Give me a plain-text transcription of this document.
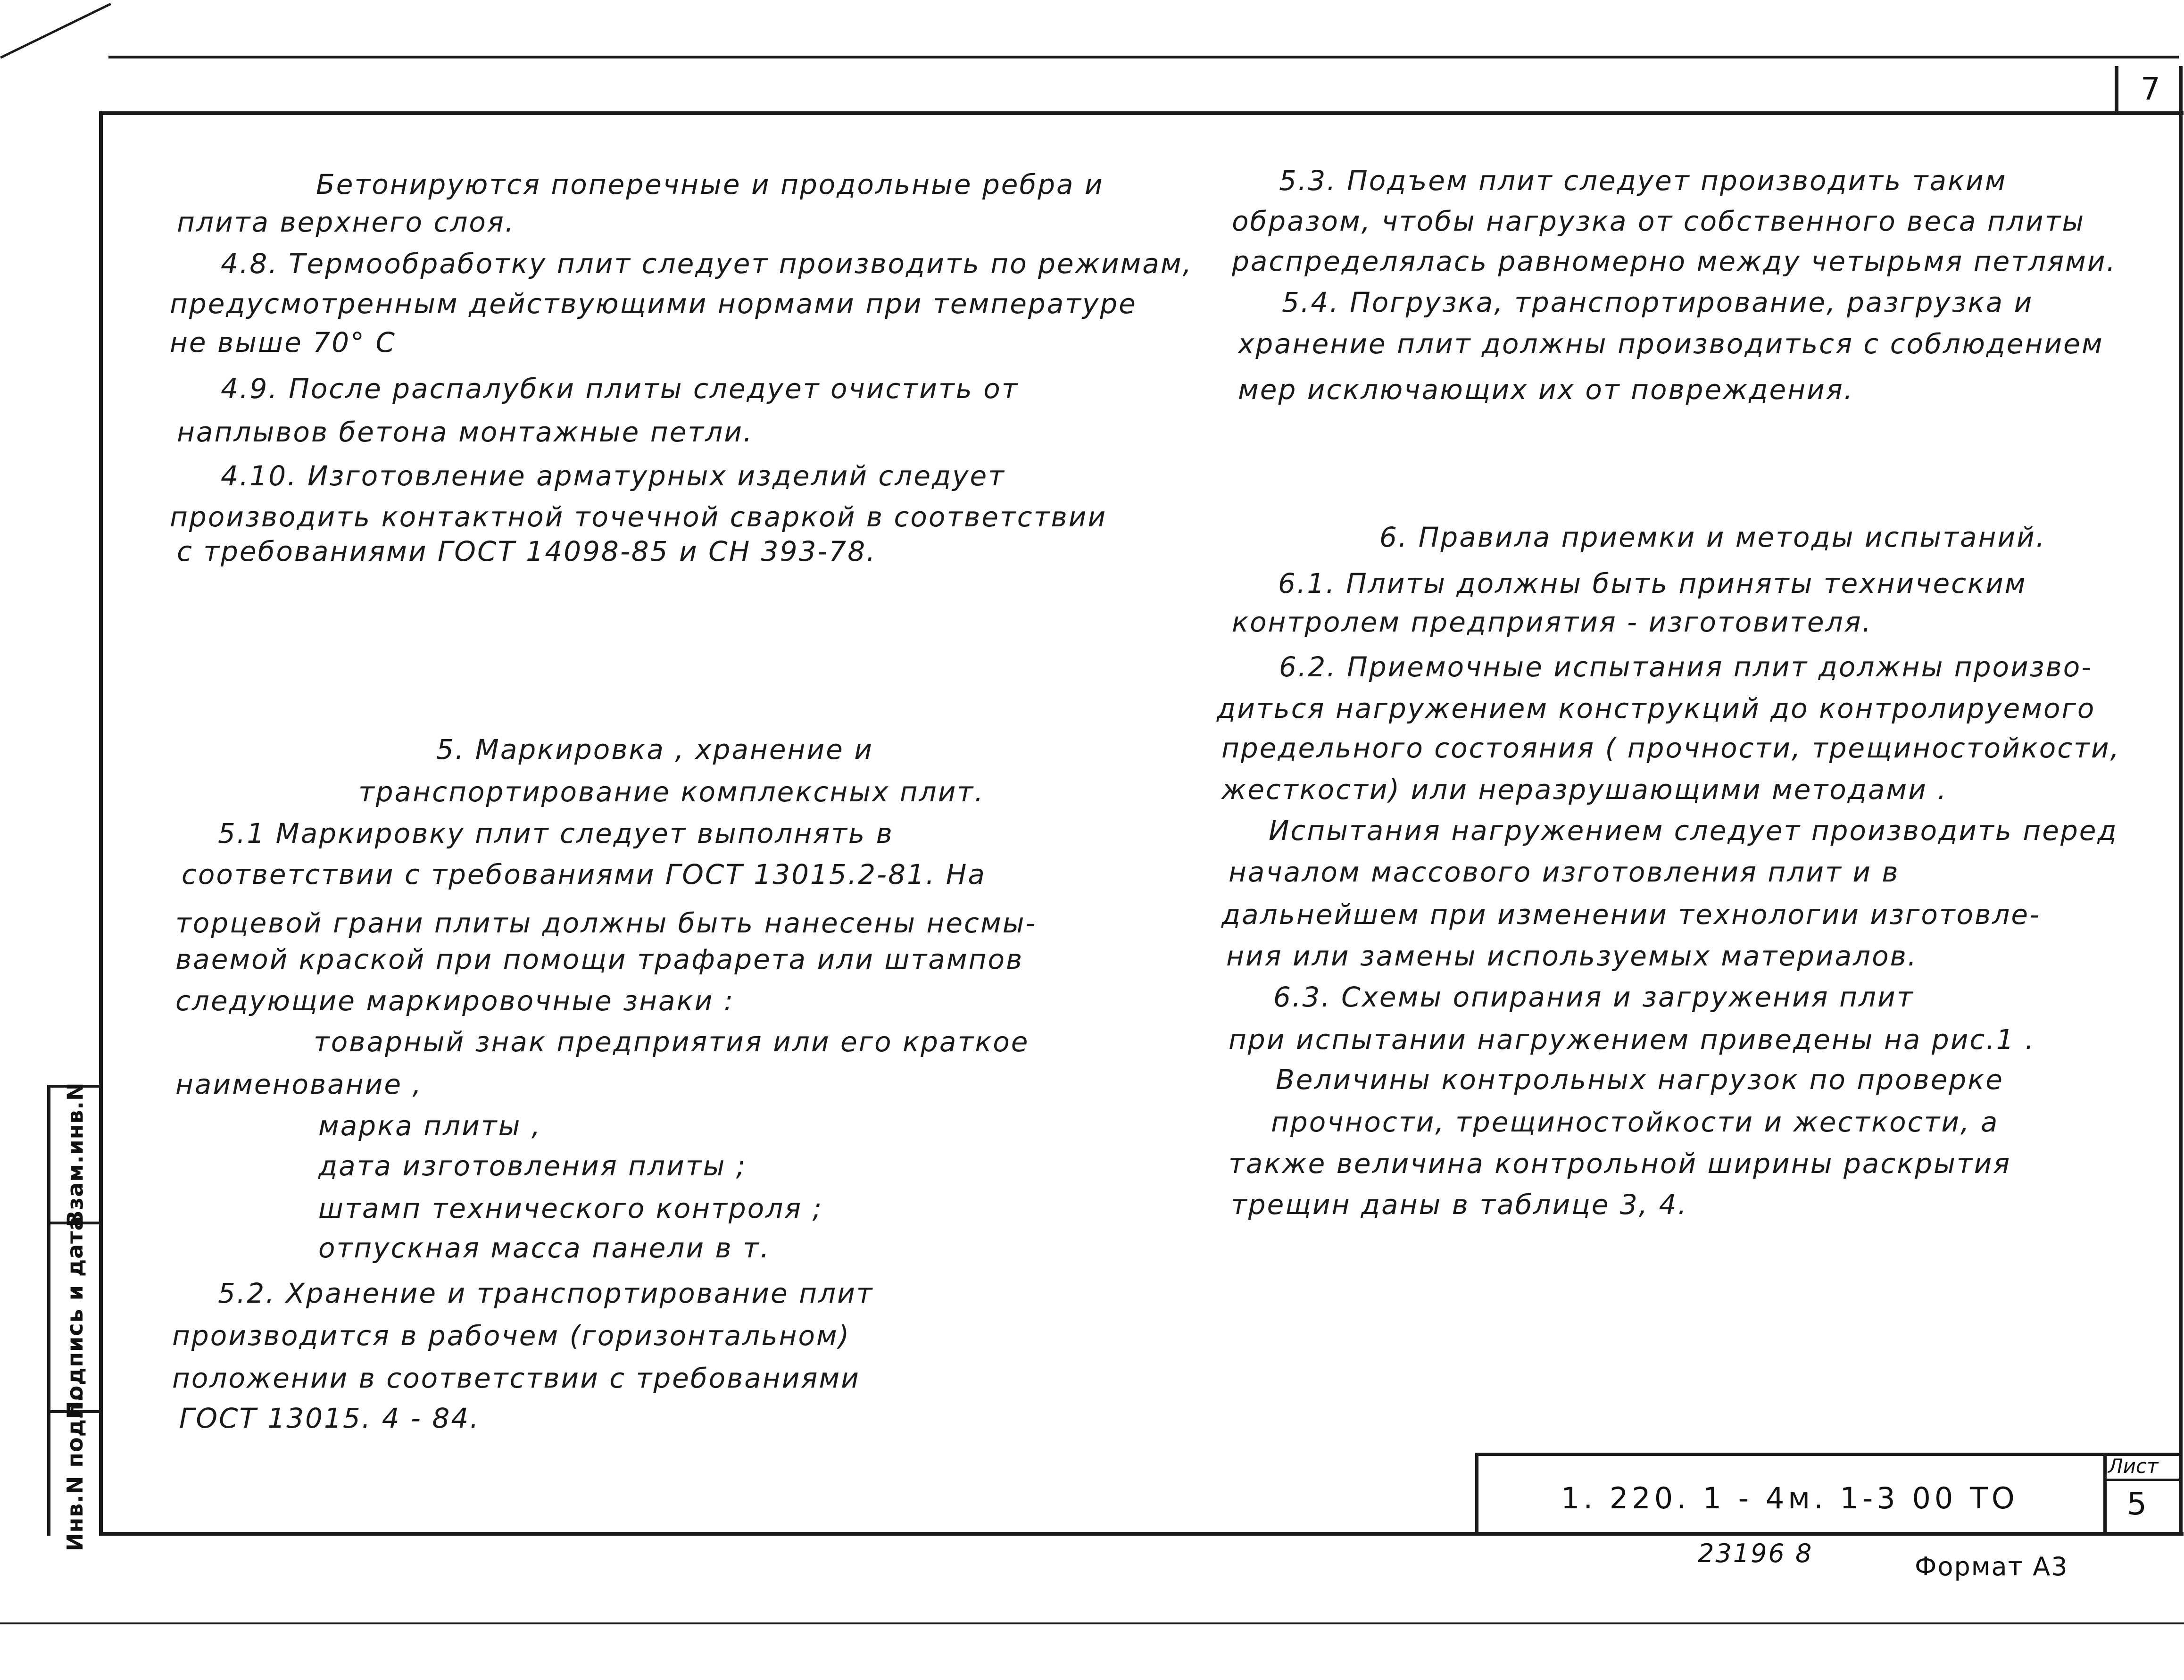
7
Взам.инв.N
Подпись и дата
Инв.N подл.
Бетонируются поперечные и продольные ребра и
плита верхнего слоя.
4.8. Термообработку плит следует производить по режимам,
предусмотренным действующими нормами при температуре
не выше 70° С
4.9. После распалубки плиты следует очистить от
наплывов бетона монтажные петли.
4.10. Изготовление арматурных изделий следует
производить контактной точечной сваркой в соответствии
с требованиями ГОСТ 14098-85 и СН 393-78.
5. Маркировка , хранение и
транспортирование комплексных плит.
5.1 Маркировку плит следует выполнять в
соответствии с требованиями ГОСТ 13015.2-81. На
торцевой грани плиты должны быть нанесены несмы-
ваемой краской при помощи трафарета или штампов
следующие маркировочные знаки :
товарный знак предприятия или его краткое
наименование ,
марка плиты ,
дата изготовления плиты ;
штамп технического контроля ;
отпускная масса панели в т.
5.2. Хранение и транспортирование плит
производится в рабочем (горизонтальном)
положении в соответствии с требованиями
ГОСТ 13015. 4 - 84.
5.3. Подъем плит следует производить таким
образом, чтобы нагрузка от собственного веса плиты
распределялась равномерно между четырьмя петлями.
5.4. Погрузка, транспортирование, разгрузка и
хранение плит должны производиться с соблюдением
мер исключающих их от повреждения.
6. Правила приемки и методы испытаний.
6.1. Плиты должны быть приняты техническим
контролем предприятия - изготовителя.
6.2. Приемочные испытания плит должны произво-
диться нагружением конструкций до контролируемого
предельного состояния ( прочности, трещиностойкости,
жесткости) или неразрушающими методами .
Испытания нагружением следует производить перед
началом массового изготовления плит и в
дальнейшем при изменении технологии изготовле-
ния или замены используемых материалов.
6.3. Схемы опирания и загружения плит
при испытании нагружением приведены на рис.1 .
Величины контрольных нагрузок по проверке
прочности, трещиностойкости и жесткости, а
также величина контрольной ширины раскрытия
трещин даны в таблице 3, 4.
1. 220. 1 - 4м. 1-3 00 ТО
Лист
5
23196 8	Формат А3
